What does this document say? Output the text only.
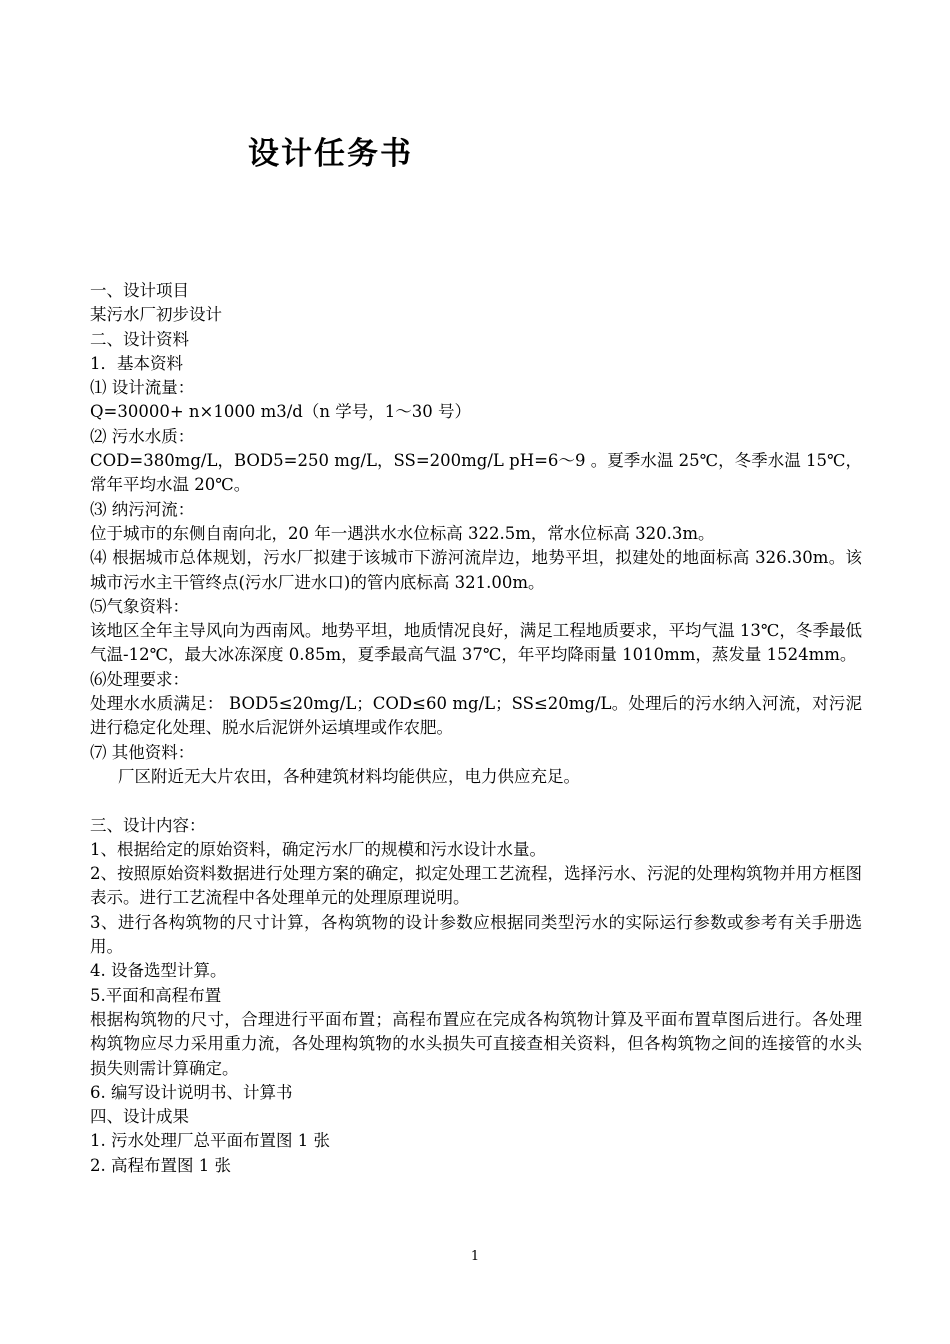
设计任务书
一、设计项目
某污水厂初步设计
二、设计资料
1．基本资料
⑴ 设计流量：
Q=30000+ n×1000 m3/d（n 学号，1～30 号）
⑵ 污水水质：
COD=380mg/L，BOD5=250 mg/L，SS=200mg/L pH=6～9 。夏季水温 25℃，冬季水温 15℃，常年平均水温 20℃。
⑶ 纳污河流：
位于城市的东侧自南向北，20 年一遇洪水水位标高 322.5m，常水位标高 320.3m。
⑷ 根据城市总体规划，污水厂拟建于该城市下游河流岸边，地势平坦，拟建处的地面标高 326.30m。该城市污水主干管终点(污水厂进水口)的管内底标高 321.00m。
⑸气象资料：
该地区全年主导风向为西南风。地势平坦，地质情况良好，满足工程地质要求，平均气温 13℃，冬季最低气温-12℃，最大冰冻深度 0.85m，夏季最高气温 37℃，年平均降雨量 1010mm，蒸发量 1524mm。
⑹处理要求：
处理水水质满足： BOD5≤20mg/L；COD≤60 mg/L；SS≤20mg/L。处理后的污水纳入河流，对污泥进行稳定化处理、脱水后泥饼外运填埋或作农肥。
⑺ 其他资料：
厂区附近无大片农田，各种建筑材料均能供应，电力供应充足。
三、设计内容：
1、根据给定的原始资料，确定污水厂的规模和污水设计水量。
2、按照原始资料数据进行处理方案的确定，拟定处理工艺流程，选择污水、污泥的处理构筑物并用方框图表示。进行工艺流程中各处理单元的处理原理说明。
3、进行各构筑物的尺寸计算，各构筑物的设计参数应根据同类型污水的实际运行参数或参考有关手册选用。
4. 设备选型计算。
5.平面和高程布置
根据构筑物的尺寸，合理进行平面布置；高程布置应在完成各构筑物计算及平面布置草图后进行。各处理构筑物应尽力采用重力流，各处理构筑物的水头损失可直接查相关资料，但各构筑物之间的连接管的水头损失则需计算确定。
6. 编写设计说明书、计算书
四、设计成果
1. 污水处理厂总平面布置图 1 张
2. 高程布置图 1 张
1
